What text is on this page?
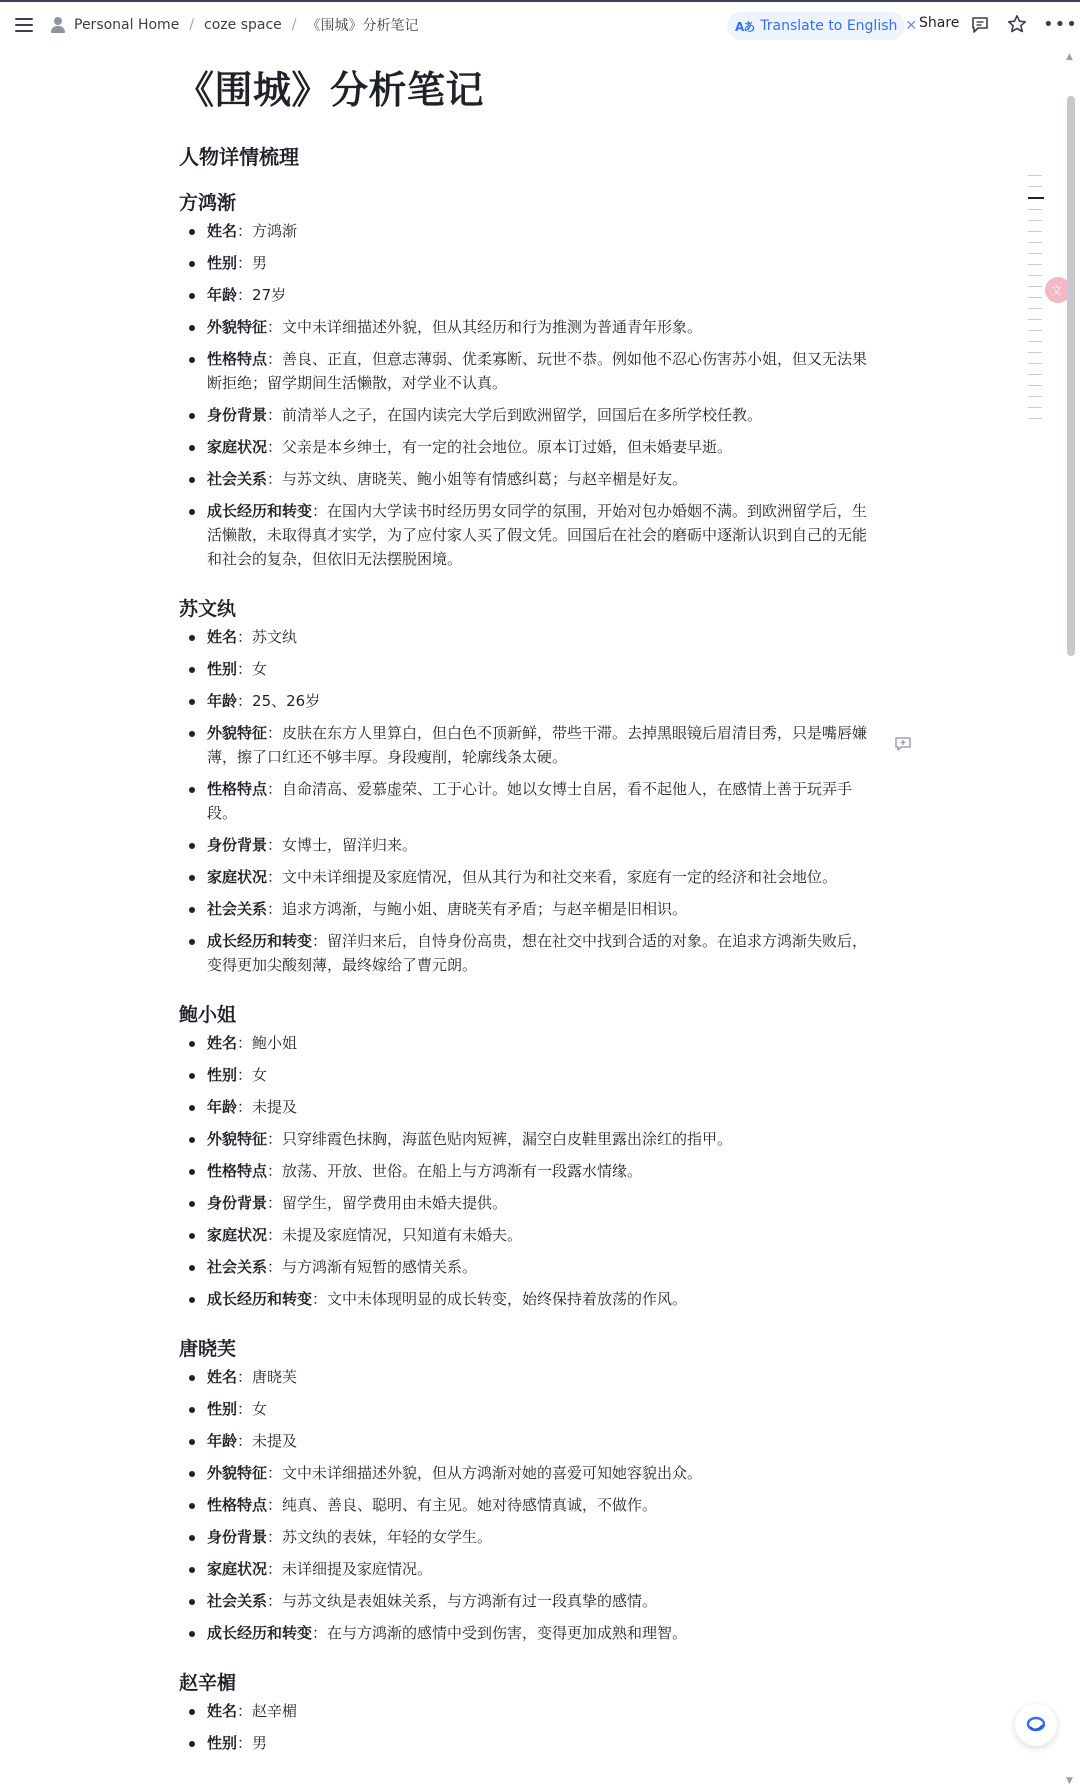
Personal Home / coze space / 《围城》分析笔记	Aあ Translate to English ✕ Share	•••
《围城》分析笔记
人物详情梳理
方鸿渐
姓名：方鸿渐
性别：男
年龄：27岁
外貌特征：文中未详细描述外貌，但从其经历和行为推测为普通青年形象。
性格特点：善良、正直，但意志薄弱、优柔寡断、玩世不恭。例如他不忍心伤害苏小姐，但又无法果断拒绝；留学期间生活懒散，对学业不认真。
身份背景：前清举人之子，在国内读完大学后到欧洲留学，回国后在多所学校任教。
家庭状况：父亲是本乡绅士，有一定的社会地位。原本订过婚，但未婚妻早逝。
社会关系：与苏文纨、唐晓芙、鲍小姐等有情感纠葛；与赵辛楣是好友。
成长经历和转变：在国内大学读书时经历男女同学的氛围，开始对包办婚姻不满。到欧洲留学后，生活懒散，未取得真才实学，为了应付家人买了假文凭。回国后在社会的磨砺中逐渐认识到自己的无能和社会的复杂，但依旧无法摆脱困境。
苏文纨
姓名：苏文纨
性别：女
年龄：25、26岁
外貌特征：皮肤在东方人里算白，但白色不顶新鲜，带些干滞。去掉黑眼镜后眉清目秀，只是嘴唇嫌薄，擦了口红还不够丰厚。身段瘦削，轮廓线条太硬。
性格特点：自命清高、爱慕虚荣、工于心计。她以女博士自居，看不起他人，在感情上善于玩弄手段。
身份背景：女博士，留洋归来。
家庭状况：文中未详细提及家庭情况，但从其行为和社交来看，家庭有一定的经济和社会地位。
社会关系：追求方鸿渐，与鲍小姐、唐晓芙有矛盾；与赵辛楣是旧相识。
成长经历和转变：留洋归来后，自恃身份高贵，想在社交中找到合适的对象。在追求方鸿渐失败后，变得更加尖酸刻薄，最终嫁给了曹元朗。
鲍小姐
姓名：鲍小姐
性别：女
年龄：未提及
外貌特征：只穿绯霞色抹胸，海蓝色贴肉短裤，漏空白皮鞋里露出涂红的指甲。
性格特点：放荡、开放、世俗。在船上与方鸿渐有一段露水情缘。
身份背景：留学生，留学费用由未婚夫提供。
家庭状况：未提及家庭情况，只知道有未婚夫。
社会关系：与方鸿渐有短暂的感情关系。
成长经历和转变：文中未体现明显的成长转变，始终保持着放荡的作风。
唐晓芙
姓名：唐晓芙
性别：女
年龄：未提及
外貌特征：文中未详细描述外貌，但从方鸿渐对她的喜爱可知她容貌出众。
性格特点：纯真、善良、聪明、有主见。她对待感情真诚，不做作。
身份背景：苏文纨的表妹，年轻的女学生。
家庭状况：未详细提及家庭情况。
社会关系：与苏文纨是表姐妹关系，与方鸿渐有过一段真挚的感情。
成长经历和转变：在与方鸿渐的感情中受到伤害，变得更加成熟和理智。
赵辛楣
姓名：赵辛楣
性别：男
文
▲
▼
